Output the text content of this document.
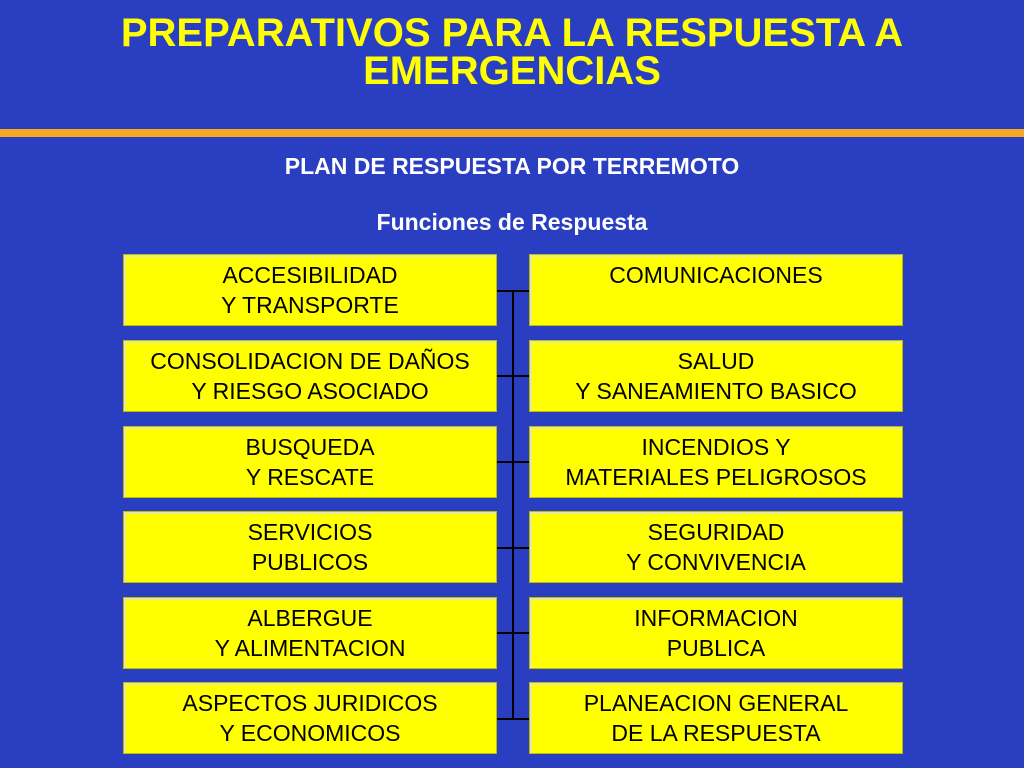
PREPARATIVOS PARA LA RESPUESTA A
EMERGENCIAS
PLAN DE RESPUESTA POR TERREMOTO
Funciones de Respuesta
ACCESIBILIDAD
Y TRANSPORTE
CONSOLIDACION DE DAÑOS
Y RIESGO ASOCIADO
BUSQUEDA
Y RESCATE
SERVICIOS
PUBLICOS
ALBERGUE
Y ALIMENTACION
ASPECTOS JURIDICOS
Y ECONOMICOS
COMUNICACIONES
SALUD
Y SANEAMIENTO BASICO
INCENDIOS Y
MATERIALES PELIGROSOS
SEGURIDAD
Y CONVIVENCIA
INFORMACION
PUBLICA
PLANEACION GENERAL
DE LA RESPUESTA
